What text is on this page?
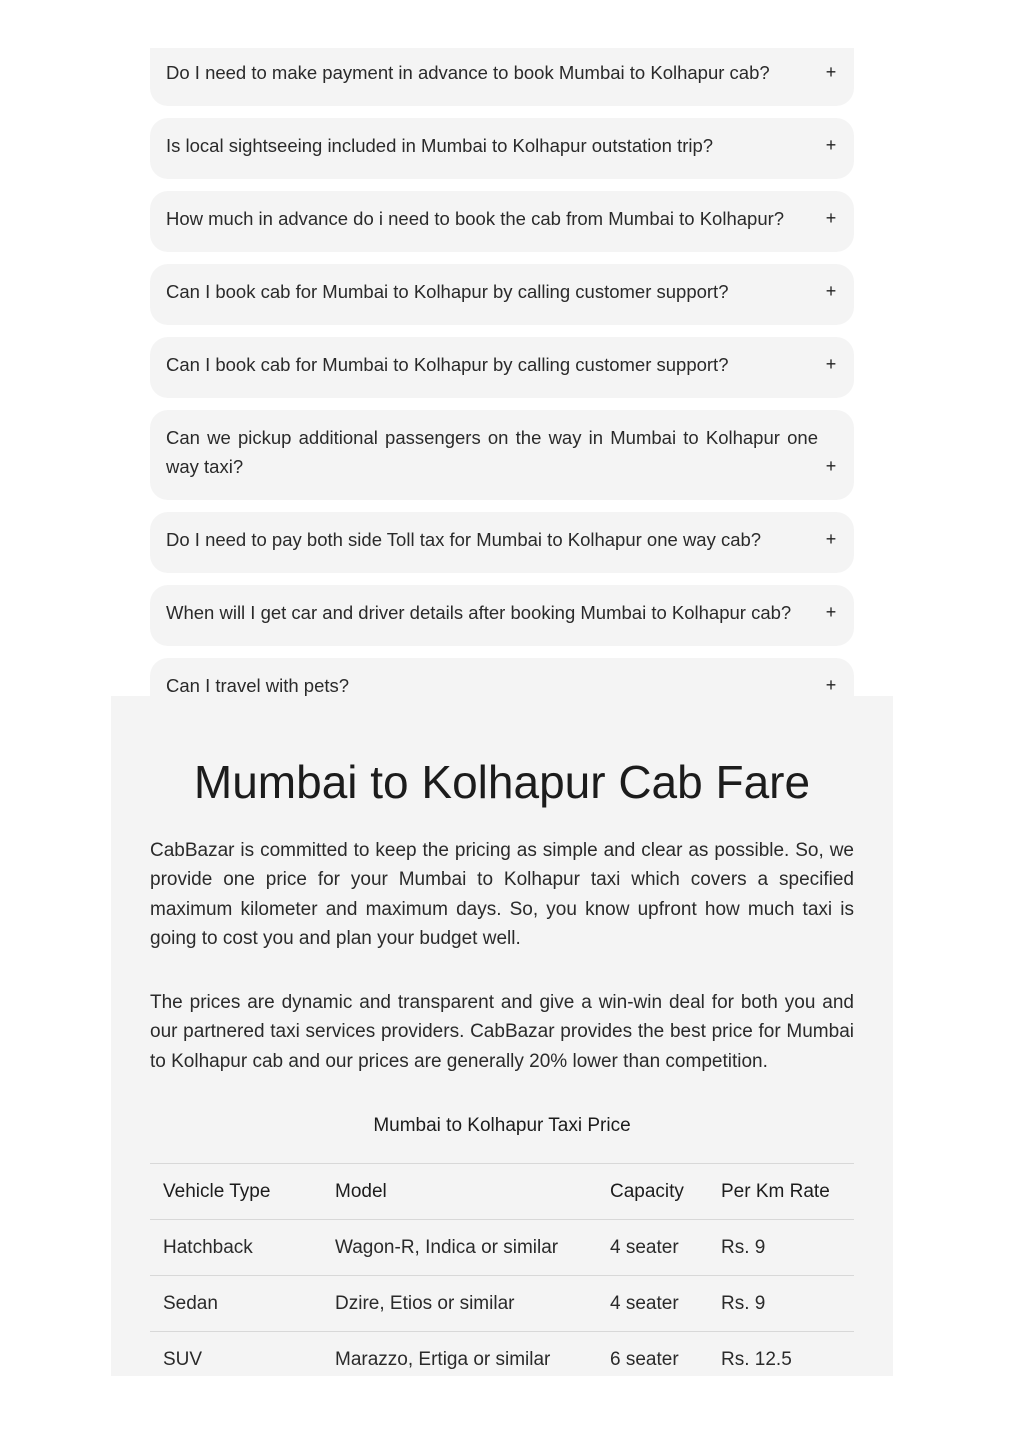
Do I need to make payment in advance to book Mumbai to Kolhapur cab?	+
Is local sightseeing included in Mumbai to Kolhapur outstation trip?	+
How much in advance do i need to book the cab from Mumbai to Kolhapur?	+
Can I book cab for Mumbai to Kolhapur by calling customer support?	+
Can I book cab for Mumbai to Kolhapur by calling customer support?	+
Can we pickup additional passengers on the way in Mumbai to Kolhapur one way taxi?	+
Do I need to pay both side Toll tax for Mumbai to Kolhapur one way cab?	+
When will I get car and driver details after booking Mumbai to Kolhapur cab?	+
Can I travel with pets?	+
Mumbai to Kolhapur Cab Fare

CabBazar is committed to keep the pricing as simple and clear as possible. So, we provide one price for your Mumbai to Kolhapur taxi which covers a specified maximum kilometer and maximum days. So, you know upfront how much taxi is going to cost you and plan your budget well.

The prices are dynamic and transparent and give a win-win deal for both you and our partnered taxi services providers. CabBazar provides the best price for Mumbai to Kolhapur cab and our prices are generally 20% lower than competition.

Mumbai to Kolhapur Taxi Price
Vehicle Type	Model	Capacity	Per Km Rate
Hatchback	Wagon-R, Indica or similar	4 seater	Rs. 9
Sedan	Dzire, Etios or similar	4 seater	Rs. 9
SUV	Marazzo, Ertiga or similar	6 seater	Rs. 12.5
